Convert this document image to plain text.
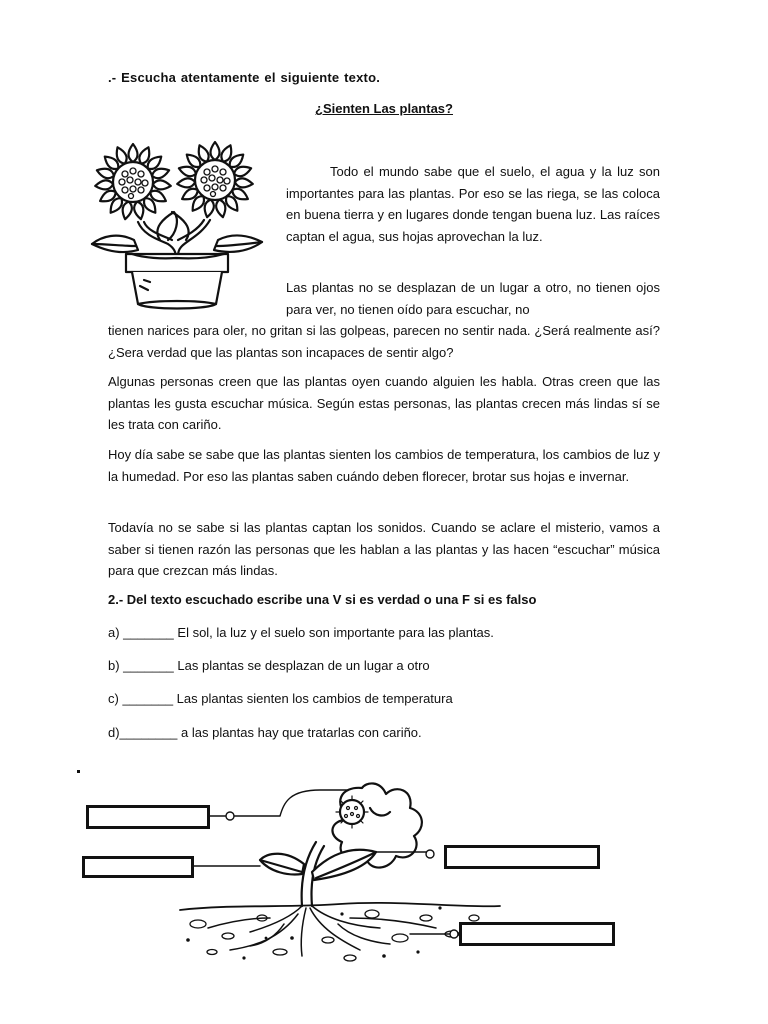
.- Escucha atentamente el siguiente texto.
¿Sienten Las plantas?
Todo el mundo sabe que el suelo, el agua y la luz son importantes para las plantas. Por eso se las riega, se las coloca en buena tierra y en lugares donde tengan buena luz. Las raíces captan el agua, sus hojas aprovechan la luz.
Las plantas no se desplazan de un lugar a otro, no tienen ojos para ver, no tienen oído para escuchar, no
tienen narices para oler, no gritan si las golpeas, parecen no sentir nada. ¿Será realmente así? ¿Sera verdad que las plantas son incapaces de sentir algo?
Algunas personas creen que las plantas oyen cuando alguien les habla. Otras creen que las plantas les gusta escuchar música. Según estas personas, las plantas crecen más lindas sí se les trata con cariño.
Hoy día sabe se sabe que las plantas sienten los cambios de temperatura, los cambios de luz y la humedad. Por eso las plantas saben cuándo deben florecer, brotar sus hojas e invernar.
Todavía no se sabe si las plantas captan los sonidos. Cuando se aclare el misterio, vamos a saber si tienen razón las personas que les hablan a las plantas y las hacen “escuchar” música para que crezcan más lindas.
2.- Del texto escuchado escribe una V si es verdad o una F si es falso
a) _______ El sol, la luz y el suelo son importante para las plantas.
b) _______ Las plantas se desplazan de un lugar a otro
c) _______ Las plantas sienten los cambios de temperatura
d)________ a las plantas hay que tratarlas con cariño.
